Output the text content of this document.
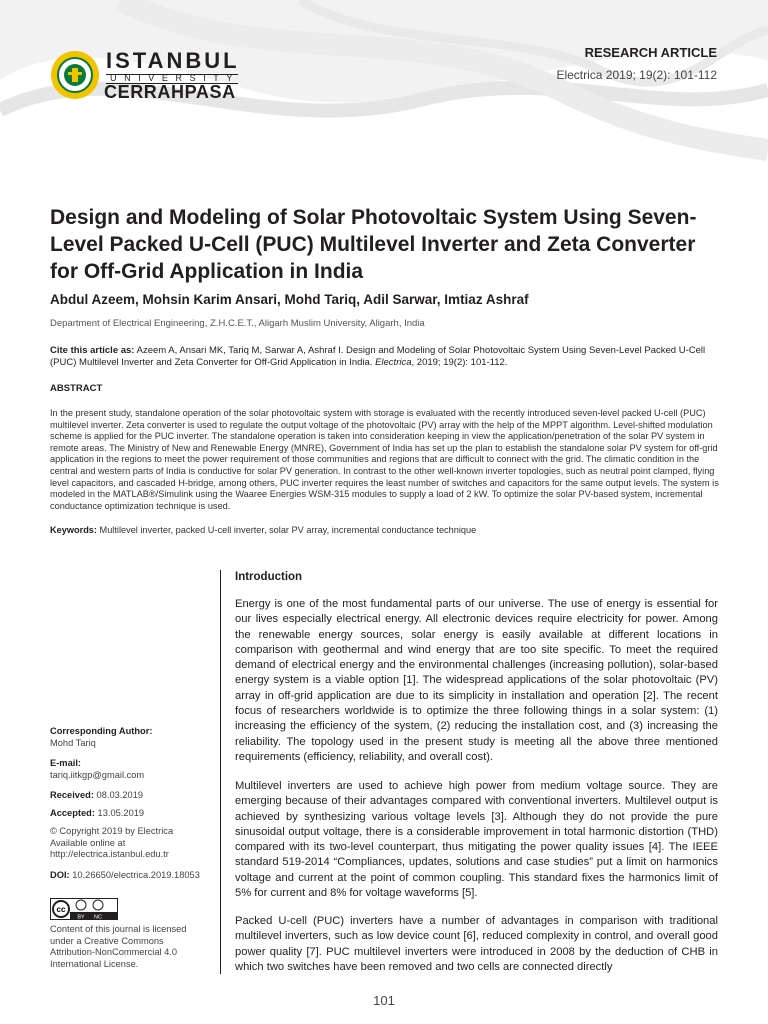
ISTANBUL
UNIVERSITY
CERRAHPASA
RESEARCH ARTICLE
Electrica 2019; 19(2): 101-112
Design and Modeling of Solar Photovoltaic System Using Seven-Level Packed U-Cell (PUC) Multilevel Inverter and Zeta Converter for Off-Grid Application in India
Abdul Azeem, Mohsin Karim Ansari, Mohd Tariq, Adil Sarwar, Imtiaz Ashraf
Department of Electrical Engineering, Z.H.C.E.T., Aligarh Muslim University, Aligarh, India
Cite this article as: Azeem A, Ansari MK, Tariq M, Sarwar A, Ashraf I. Design and Modeling of Solar Photovoltaic System Using Seven-Level Packed U-Cell (PUC) Multilevel Inverter and Zeta Converter for Off-Grid Application in India. Electrica, 2019; 19(2): 101-112.
ABSTRACT
In the present study, standalone operation of the solar photovoltaic system with storage is evaluated with the recently introduced seven-level packed U-cell (PUC) multilevel inverter. Zeta converter is used to regulate the output voltage of the photovoltaic (PV) array with the help of the MPPT algorithm. Level-shifted modulation scheme is applied for the PUC inverter. The standalone operation is taken into consideration keeping in view the application/penetration of the solar PV system in remote areas. The Ministry of New and Renewable Energy (MNRE), Government of India has set up the plan to establish the standalone solar PV system for off-grid application in the regions to meet the power requirement of those communities and regions that are difficult to connect with the grid. The climatic condition in the central and western parts of India is conductive for solar PV generation. In contrast to the other well-known inverter topologies, such as neutral point clamped, flying level capacitors, and cascaded H-bridge, among others, PUC inverter requires the least number of switches and capacitors for the same output levels. The system is modeled in the MATLAB®/Simulink using the Waaree Energies WSM-315 modules to supply a load of 2 kW. To optimize the solar PV-based system, incremental conductance optimization technique is used.
Keywords: Multilevel inverter, packed U-cell inverter, solar PV array, incremental conductance technique
Corresponding Author:
Mohd Tariq
E-mail:
tariq.iitkgp@gmail.com
Received: 08.03.2019
Accepted: 13.05.2019
© Copyright 2019 by Electrica Available online at http://electrica.istanbul.edu.tr
DOI: 10.26650/electrica.2019.18053
cc
BY NC
Content of this journal is licensed under a Creative Commons Attribution-NonCommercial 4.0 International License.
Introduction

Energy is one of the most fundamental parts of our universe. The use of energy is essential for our lives especially electrical energy. All electronic devices require electricity for power. Among the renewable energy sources, solar energy is easily available at different locations in comparison with geothermal and wind energy that are too site specific. To meet the required demand of electrical energy and the environmental challenges (increasing pollution), solar-based energy system is a viable option [1]. The widespread applications of the solar photovoltaic (PV) array in off-grid application are due to its simplicity in installation and operation [2]. The recent focus of researchers worldwide is to optimize the three following things in a solar system: (1) increasing the efficiency of the system, (2) reducing the installation cost, and (3) increasing the reliability. The topology used in the present study is meeting all the above three mentioned requirements (efficiency, reliability, and overall cost).

Multilevel inverters are used to achieve high power from medium voltage source. They are emerging because of their advantages compared with conventional inverters. Multilevel output is achieved by synthesizing various voltage levels [3]. Although they do not provide the pure sinusoidal output voltage, there is a considerable improvement in total harmonic distortion (THD) compared with its two-level counterpart, thus mitigating the power quality issues [4]. The IEEE standard 519-2014 “Compliances, updates, solutions and case studies” put a limit on harmonics voltage and current at the point of common coupling. This standard fixes the harmonics limit of 5% for current and 8% for voltage waveforms [5].

Packed U-cell (PUC) inverters have a number of advantages in comparison with traditional multilevel inverters, such as low device count [6], reduced complexity in control, and overall good power quality [7]. PUC multilevel inverters were introduced in 2008 by the deduction of CHB in which two switches have been removed and two cells are connected directly

101
